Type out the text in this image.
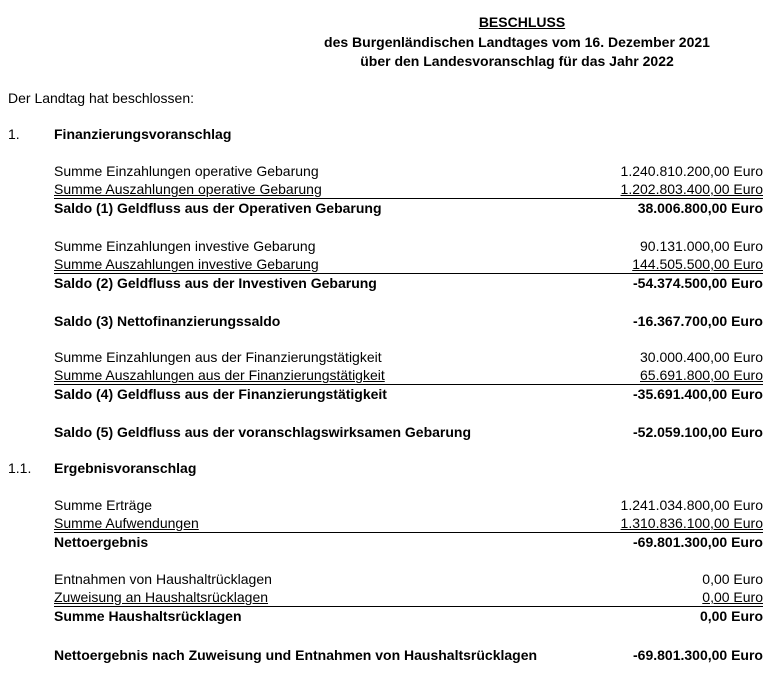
BESCHLUSS
des Burgenländischen Landtages vom 16. Dezember 2021
über den Landesvoranschlag für das Jahr 2022
Der Landtag hat beschlossen:
1. Finanzierungsvoranschlag
Summe Einzahlungen operative Gebarung	1.240.810.200,00 Euro
Summe Auszahlungen operative Gebarung	1.202.803.400,00 Euro
Saldo (1) Geldfluss aus der Operativen Gebarung	38.006.800,00 Euro
Summe Einzahlungen investive Gebarung	90.131.000,00 Euro
Summe Auszahlungen investive Gebarung	144.505.500,00 Euro
Saldo (2) Geldfluss aus der Investiven Gebarung	-54.374.500,00 Euro
Saldo (3) Nettofinanzierungssaldo	-16.367.700,00 Euro
Summe Einzahlungen aus der Finanzierungstätigkeit	30.000.400,00 Euro
Summe Auszahlungen aus der Finanzierungstätigkeit	65.691.800,00 Euro
Saldo (4) Geldfluss aus der Finanzierungstätigkeit	-35.691.400,00 Euro
Saldo (5) Geldfluss aus der voranschlagswirksamen Gebarung	-52.059.100,00 Euro
1.1. Ergebnisvoranschlag
Summe Erträge	1.241.034.800,00 Euro
Summe Aufwendungen	1.310.836.100,00 Euro
Nettoergebnis	-69.801.300,00 Euro
Entnahmen von Haushaltrücklagen	0,00 Euro
Zuweisung an Haushaltsrücklagen	0,00 Euro
Summe Haushaltsrücklagen	0,00 Euro
Nettoergebnis nach Zuweisung und Entnahmen von Haushaltsrücklagen	-69.801.300,00 Euro
